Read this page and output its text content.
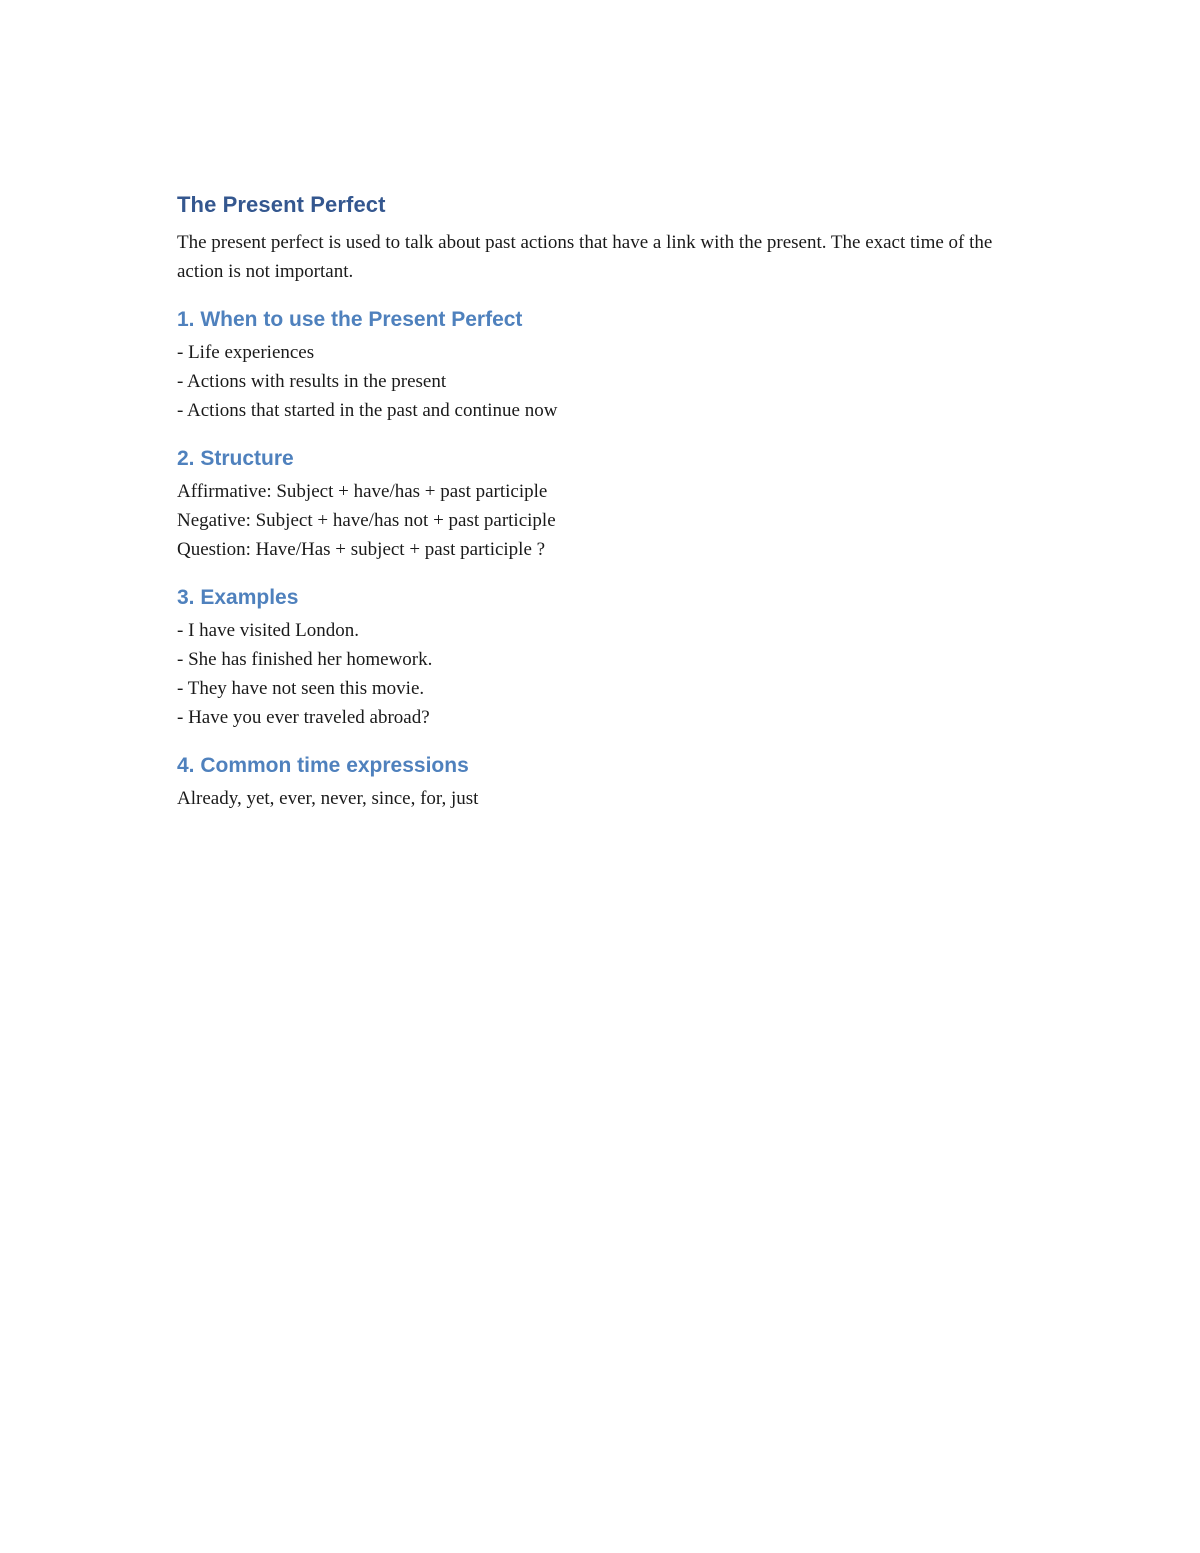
The Present Perfect

The present perfect is used to talk about past actions that have a link with the present. The exact time of the action is not important.

1. When to use the Present Perfect
- Life experiences
- Actions with results in the present
- Actions that started in the past and continue now
2. Structure
Affirmative: Subject + have/has + past participle
Negative: Subject + have/has not + past participle
Question: Have/Has + subject + past participle ?
3. Examples
- I have visited London.
- She has finished her homework.
- They have not seen this movie.
- Have you ever traveled abroad?
4. Common time expressions
Already, yet, ever, never, since, for, just
